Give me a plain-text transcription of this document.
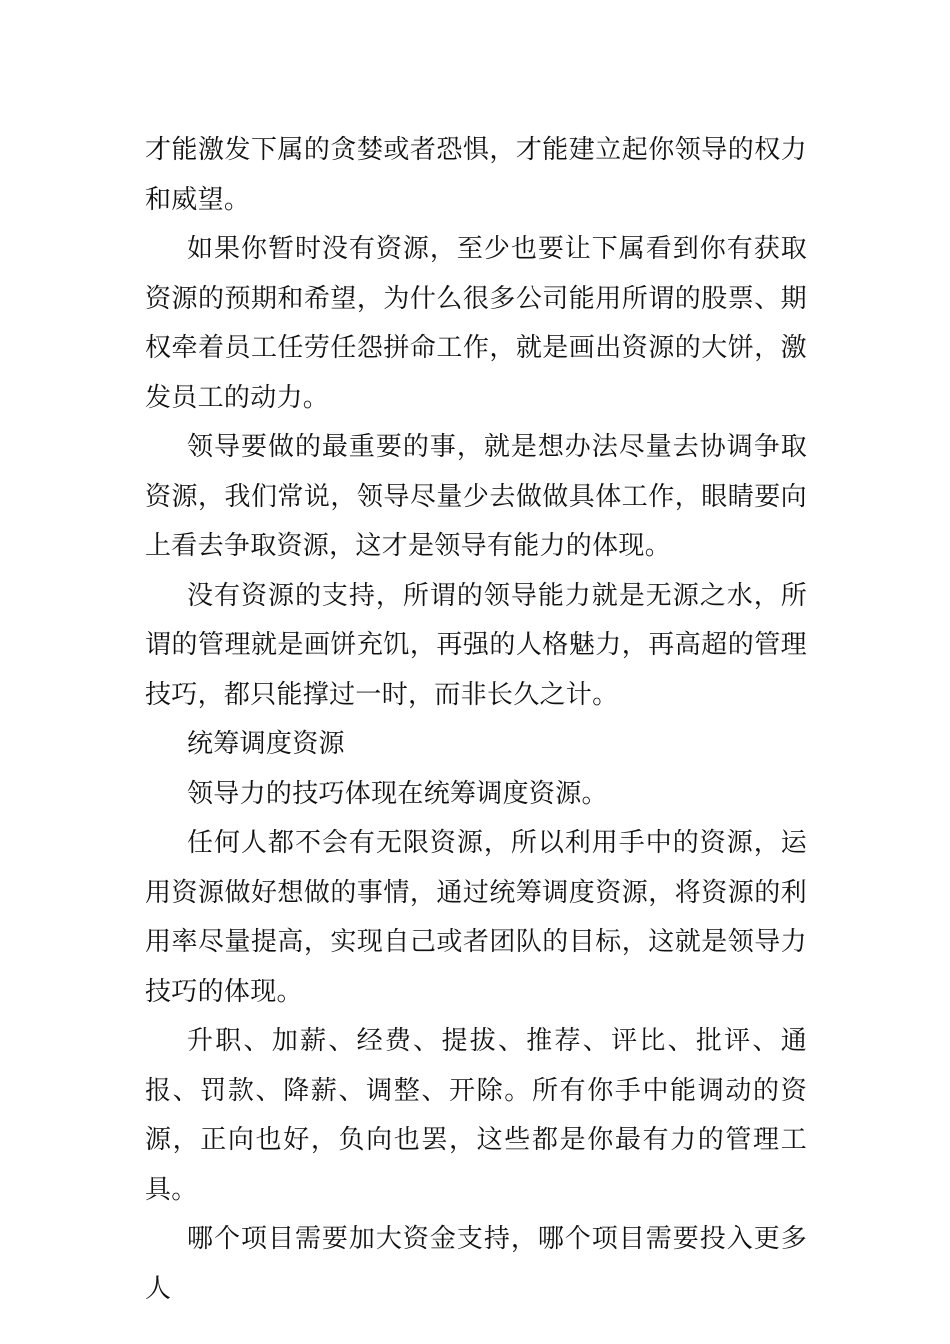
才能激发下属的贪婪或者恐惧，才能建立起你领导的权力和威望。

如果你暂时没有资源，至少也要让下属看到你有获取资源的预期和希望，为什么很多公司能用所谓的股票、期权牵着员工任劳任怨拼命工作，就是画出资源的大饼，激发员工的动力。

领导要做的最重要的事，就是想办法尽量去协调争取资源，我们常说，领导尽量少去做做具体工作，眼睛要向上看去争取资源，这才是领导有能力的体现。

没有资源的支持，所谓的领导能力就是无源之水，所谓的管理就是画饼充饥，再强的人格魅力，再高超的管理技巧，都只能撑过一时，而非长久之计。

统筹调度资源

领导力的技巧体现在统筹调度资源。

任何人都不会有无限资源，所以利用手中的资源，运用资源做好想做的事情，通过统筹调度资源，将资源的利用率尽量提高，实现自己或者团队的目标，这就是领导力技巧的体现。

升职、加薪、经费、提拔、推荐、评比、批评、通报、罚款、降薪、调整、开除。所有你手中能调动的资源，正向也好，负向也罢，这些都是你最有力的管理工具。

哪个项目需要加大资金支持，哪个项目需要投入更多人
